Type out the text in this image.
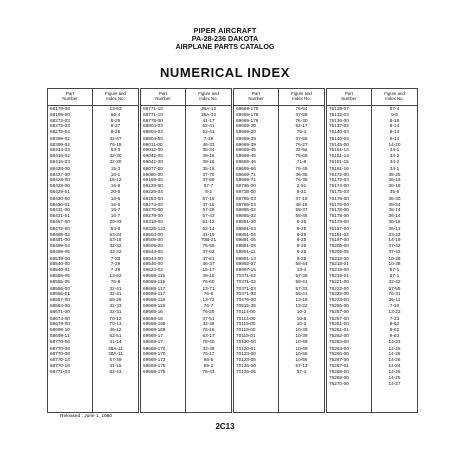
PIPER AIRCRAFT
PA-28-236 DAKOTA
AIRPLANE PARTS CATALOG
NUMERICAL INDEX
Part
Number
Figure and
Index No.
68179-08
68198-00
68272-03
68272-03
68272-04
68399-02
68399-02
68414-03
68416-02
68416-03
68428-00
68427-00
68428-00
68428-00
68429-01
68430-00
68430-01
68431-00
68431-01
68467-00
68472-00
68488-02
68491-00
68499-04
68499-05
68539-00
68540-00
68540-01
68555-05
68555-05
68556-00
68556-01
68557-00
68584-00
68671-00
68674-00
68678-00
68699-10
68699-11
68770-06
68770-08
68770-08
68770-14
68770-18
68771-03
13-53
66-4
8-25
8-27
8-26
32-47
76-15
53-3
32-30
32-30
15-3
16-1
16-12
16-8
20-6
16-6
16-6
16-7
16-7
29-33
53-8
53-24
53-18
32-32
32-32
7-28
7-29
7-29
13-62
76-8
32-41
32-41
55-26
32-33
32-31
70-12
70-13
46-12
62-51
41-14
38A-11
38A-11
57-39
41-15
62-43
Part
Number
Figure and
Index No.
68771-10
68771-10
68778-00
68804-03
68804-03
68804-50
69011-00
69012-00
69042-00
69042-00
69077-00
69080-00
69169-00
69229-00
69229-04
69253-00
69274-00
69275-00
69279-00
69318-00
69325-122
69504-00
69509-00
69509-00
69544-00
69544-00
69546-00
69624-02
69669-115
69669-115
69669-117
69669-117
69669-118
69669-118
69669-16
69669-16
69669-169
69669-169
69669-17
69669-17
69669-170
69669-170
69669-173
69669-175
69669-175
38A-12
38A-12
41-17
62-41
62-41
7-19
46-33
36-34
39-16
39-16
35-16
37-70
37-69
57-7
8-2
57-16
37-15
57-29
57-43
51-12
62-14
41-16
70B-21
76-56
37-62
37-61
46-37
15-17
39-15
76-60
13-71
76-6
13-72
76-7
76-25
37-51
32-48
76-16
63-17
76-40
32-49
76-17
66-5
69-2
76-43
Part
Number
Figure and
Index No.
69669-175
69669-176
69669-176
69669-20
69669-20
69669-39
69669-39
69669-45
69669-45
69669-46
69669-66
69669-71
69669-71
69736-00
69738-00
69785-03
69785-03
69885-02
69885-02
69891-00
69891-03
69891-04
69891-05
69891-09
69891-11
69891-13
69992-07
69997-15
70371-02
70371-02
70371-03
70371-03
70476-00
70515-35
70114-00
70114-00
70115-00
70119-00
70119-01
70120-00
70120-01
70123-00
70123-05
70126-00
70126-06
76-54
37-58
76-30
62-17
76-4
37-55
76-27
32-5a
76-65
71-8
76-45
36-35
76-35
2-51
9-21
37-18
48-16
58-37
58-46
9-25
9-25
9-25
9-25
9-25
9-25
9-25
58-44
13-4
57-36
58-41
57-33
58-41
13-19
13-22
10-3
10-8
10-3
10-39
10-39
10-49
10-49
10-55
10-55
57-13
57-4
Part
Number
Figure and
Index No.
76129-07
76132-03
76136-00
76137-02
76140-03
76140-04
76145-00
76161-14
76161-14
76161-15
76161-16
76172-00
76172-03
76174-00
76175-03
76176-00
76176-00
76178-00
76178-00
76178-00
76187-00
76191-02
76197-00
76205-00
76205-05
76218-00
76218-01
76219-00
76219-01
76221-00
76222-00
76222-00
76223-00
76255-00
76257-00
76257-00
76261-00
76261-01
76262-00
76263-00
76264-00
76266-00
76267-00
76267-01
76268-00
76269-00
76270-00
57-4
9-5
8-19
8-14
9-14
9-14
14-20
34-1
34-2
34-2
34-1
35-25
36-19
36-18
35-6
36-30
35-24
36-14
36-14
36-15
36-13
33-22
14-19
37-42
37-42
10-38
10-38
57-1
57-1
32-42
57-59
76-31
36-11
7-10
13-22
7-23
9-62
9-62
9-63
14-23
14-25
14-26
14-26
14-24
14-25
14-25
14-27
Released : June 1, 1980
2C13
